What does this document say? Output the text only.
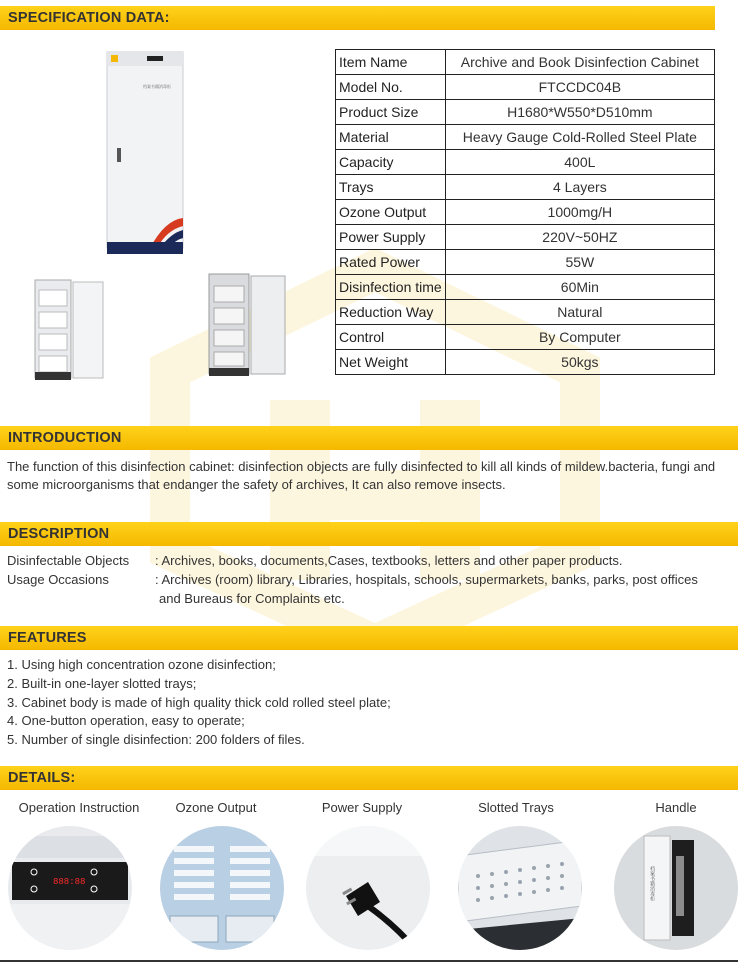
SPECIFICATION DATA:
档案书籍消毒柜
Item Name	Archive and Book Disinfection Cabinet
Model No.	FTCCDC04B
Product Size	H1680*W550*D510mm
Material	Heavy Gauge Cold-Rolled Steel Plate
Capacity	400L
Trays	4 Layers
Ozone Output	1000mg/H
Power Supply	220V~50HZ
Rated Power	55W
Disinfection time	60Min
Reduction Way	Natural
Control	By Computer
Net Weight	50kgs
INTRODUCTION
The function of this disinfection cabinet: disinfection objects are fully disinfected to kill all kinds of mildew.bacteria, fungi and
some microorganisms that endanger the safety of archives, It can also remove insects.
DESCRIPTION
Disinfectable Objects : Archives, books, documents,Cases, textbooks, letters and other paper products.
Usage Occasions	: Archives (room) library, Libraries, hospitals, schools, supermarkets, banks, parks, post offices
and Bureaus for Complaints etc.
FEATURES
1. Using high concentration ozone disinfection;
2. Built-in one-layer slotted trays;
3. Cabinet body is made of high quality thick cold rolled steel plate;
4. One-button operation, easy to operate;
5. Number of single disinfection: 200 folders of files.
DETAILS:
Operation Instruction	Ozone Output	Power Supply	Slotted Trays	Handle
888:88	档案书籍消毒柜
